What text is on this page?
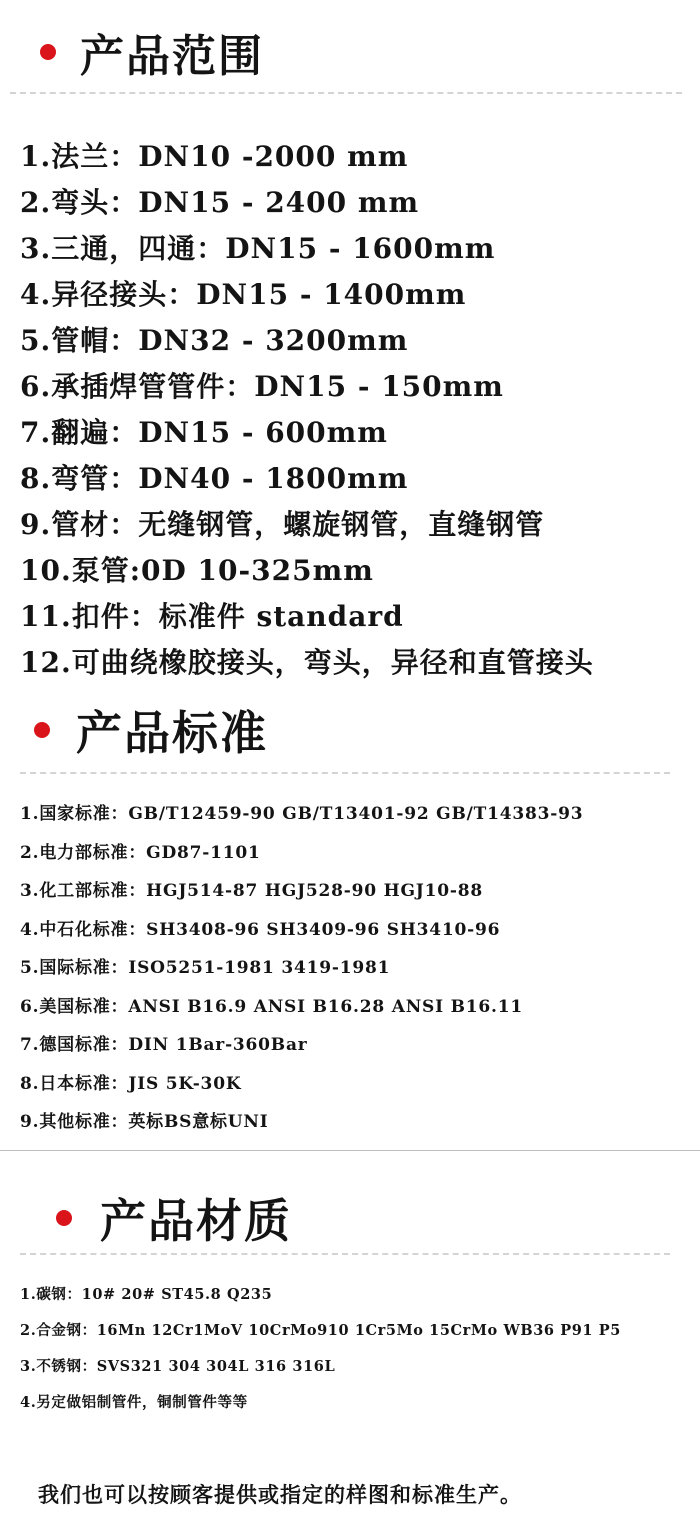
产品范围
1.法兰：DN10 -2000 mm
2.弯头：DN15 - 2400 mm
3.三通，四通：DN15 - 1600mm
4.异径接头：DN15 - 1400mm
5.管帽：DN32 - 3200mm
6.承插焊管管件：DN15 - 150mm
7.翻遍：DN15 - 600mm
8.弯管：DN40 - 1800mm
9.管材：无缝钢管，螺旋钢管，直缝钢管
10.泵管:0D 10-325mm
11.扣件：标准件 standard
12.可曲绕橡胶接头，弯头，异径和直管接头
产品标准
1.国家标准：GB/T12459-90 GB/T13401-92 GB/T14383-93
2.电力部标准：GD87-1101
3.化工部标准：HGJ514-87 HGJ528-90 HGJ10-88
4.中石化标准：SH3408-96 SH3409-96 SH3410-96
5.国际标准：ISO5251-1981 3419-1981
6.美国标准：ANSI B16.9 ANSI B16.28 ANSI B16.11
7.德国标准：DIN 1Bar-360Bar
8.日本标准：JIS 5K-30K
9.其他标准：英标BS意标UNI
产品材质
1.碳钢：10# 20# ST45.8 Q235
2.合金钢：16Mn 12Cr1MoV 10CrMo910 1Cr5Mo 15CrMo WB36 P91 P5
3.不锈钢：SVS321 304 304L 316 316L
4.另定做铝制管件，铜制管件等等
我们也可以按顾客提供或指定的样图和标准生产。
